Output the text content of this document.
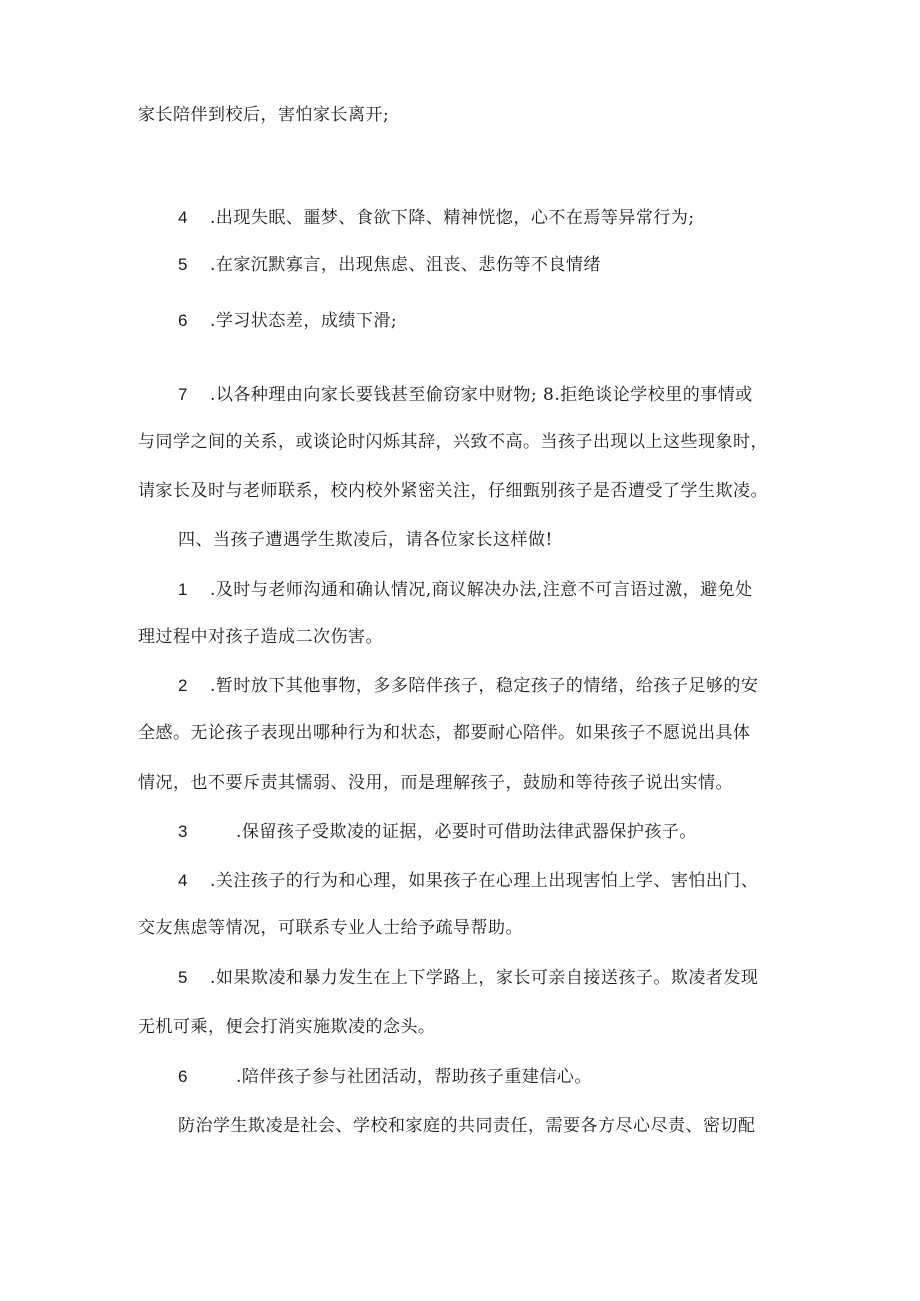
家长陪伴到校后，害怕家长离开;
4 .出现失眠、噩梦、食欲下降、精神恍惚，心不在焉等异常行为;
5 .在家沉默寡言，出现焦虑、沮丧、悲伤等不良情绪
6 .学习状态差，成绩下滑;
7 .以各种理由向家长要钱甚至偷窃家中财物; 8.拒绝谈论学校里的事情或
与同学之间的关系，或谈论时闪烁其辞，兴致不高。当孩子出现以上这些现象时，
请家长及时与老师联系，校内校外紧密关注，仔细甄别孩子是否遭受了学生欺凌。
四、当孩子遭遇学生欺凌后，请各位家长这样做!
1 .及时与老师沟通和确认情况,商议解决办法,注意不可言语过激，避免处
理过程中对孩子造成二次伤害。
2 .暂时放下其他事物，多多陪伴孩子，稳定孩子的情绪，给孩子足够的安
全感。无论孩子表现出哪种行为和状态，都要耐心陪伴。如果孩子不愿说出具体
情况，也不要斥责其懦弱、没用，而是理解孩子，鼓励和等待孩子说出实情。
3	.保留孩子受欺凌的证据，必要时可借助法律武器保护孩子。
4 .关注孩子的行为和心理，如果孩子在心理上出现害怕上学、害怕出门、
交友焦虑等情况，可联系专业人士给予疏导帮助。
5 .如果欺凌和暴力发生在上下学路上，家长可亲自接送孩子。欺凌者发现
无机可乘，便会打消实施欺凌的念头。
6	.陪伴孩子参与社团活动，帮助孩子重建信心。
防治学生欺凌是社会、学校和家庭的共同责任，需要各方尽心尽责、密切配
